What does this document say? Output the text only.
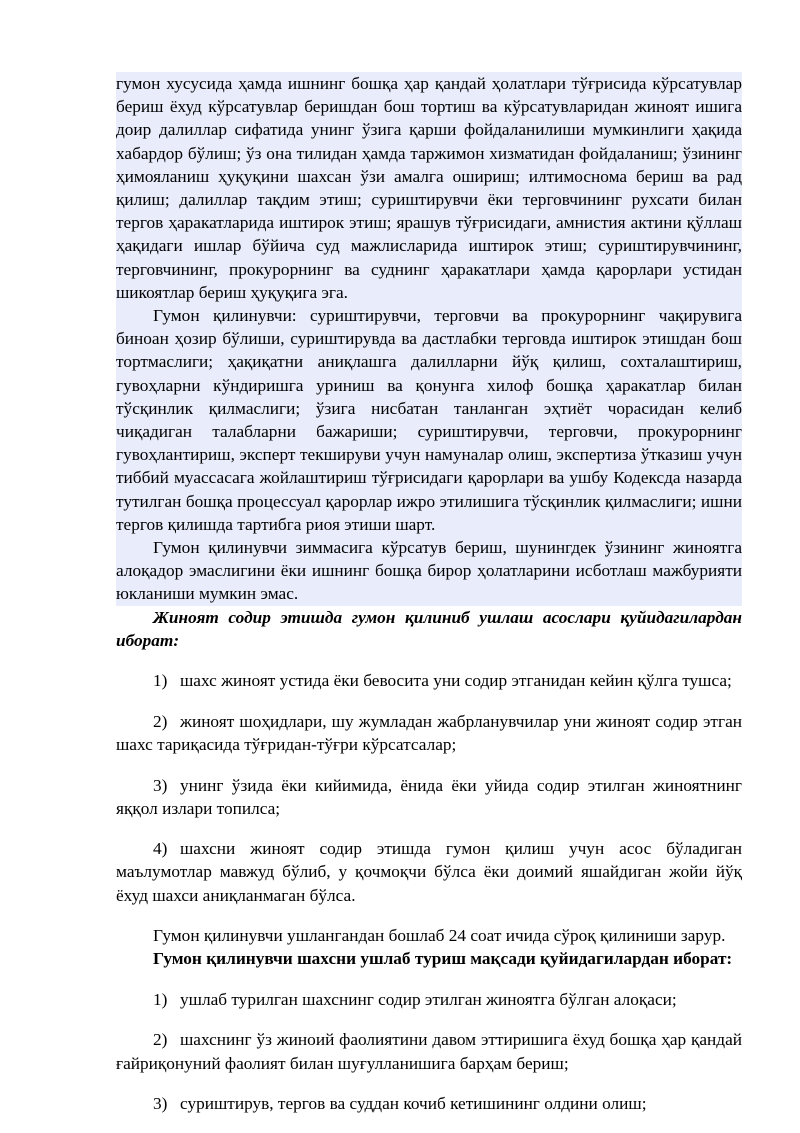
гумон хусусида ҳамда ишнинг бошқа ҳар қандай ҳолатлари тўғрисида кўрсатувлар бериш ёхуд кўрсатувлар беришдан бош тортиш ва кўрсатувларидан жиноят ишига доир далиллар сифатида унинг ўзига қарши фойдаланилиши мумкинлиги ҳақида хабардор бўлиш; ўз она тилидан ҳамда таржимон хизматидан фойдаланиш; ўзининг ҳимояланиш ҳуқуқини шахсан ўзи амалга ошириш; илтимоснома бериш ва рад қилиш; далиллар тақдим этиш; суриштирувчи ёки терговчининг рухсати билан тергов ҳаракатларида иштирок этиш; ярашув тўғрисидаги, амнистия актини қўллаш ҳақидаги ишлар бўйича суд мажлисларида иштирок этиш; суриштирувчининг, терговчининг, прокурорнинг ва суднинг ҳаракатлари ҳамда қарорлари устидан шикоятлар бериш ҳуқуқига эга.

Гумон қилинувчи: суриштирувчи, терговчи ва прокурорнинг чақирувига биноан ҳозир бўлиши, суриштирувда ва дастлабки терговда иштирок этишдан бош тортмаслиги; ҳақиқатни аниқлашга далилларни йўқ қилиш, сохталаштириш, гувоҳларни кўндиришга уриниш ва қонунга хилоф бошқа ҳаракатлар билан тўсқинлик қилмаслиги; ўзига нисбатан танланган эҳтиёт чорасидан келиб чиқадиган талабларни бажариши; суриштирувчи, терговчи, прокурорнинг гувоҳлантириш, эксперт текшируви учун намуналар олиш, экспертиза ўтказиш учун тиббий муассасага жойлаштириш тўғрисидаги қарорлари ва ушбу Кодексда назарда тутилган бошқа процессуал қарорлар ижро этилишига тўсқинлик қилмаслиги; ишни тергов қилишда тартибга риоя этиши шарт.

Гумон қилинувчи зиммасига кўрсатув бериш, шунингдек ўзининг жиноятга алоқадор эмаслигини ёки ишнинг бошқа бирор ҳолатларини исботлаш мажбурияти юкланиши мумкин эмас.

Жиноят содир этишда гумон қилиниб ушлаш асослари қуйидагилардан иборат:

1) шахс жиноят устида ёки бевосита уни содир этганидан кейин қўлга тушса;

2) жиноят шоҳидлари, шу жумладан жабрланувчилар уни жиноят содир этган шахс тариқасида тўғридан-тўғри кўрсатсалар;

3) унинг ўзида ёки кийимида, ёнида ёки уйида содир этилган жиноятнинг яққол излари топилса;

4) шахсни жиноят содир этишда гумон қилиш учун асос бўладиган маълумотлар мавжуд бўлиб, у қочмоқчи бўлса ёки доимий яшайдиган жойи йўқ ёхуд шахси аниқланмаган бўлса.

Гумон қилинувчи ушлангандан бошлаб 24 соат ичида сўроқ қилиниши зарур.

Гумон қилинувчи шахсни ушлаб туриш мақсади қуйидагилардан иборат:

1) ушлаб турилган шахснинг содир этилган жиноятга бўлган алоқаси;

2) шахснинг ўз жиноий фаолиятини давом эттиришига ёхуд бошқа ҳар қандай ғайриқонуний фаолият билан шуғулланишига барҳам бериш;

3) суриштирув, тергов ва суддан кочиб кетишининг олдини олиш;
